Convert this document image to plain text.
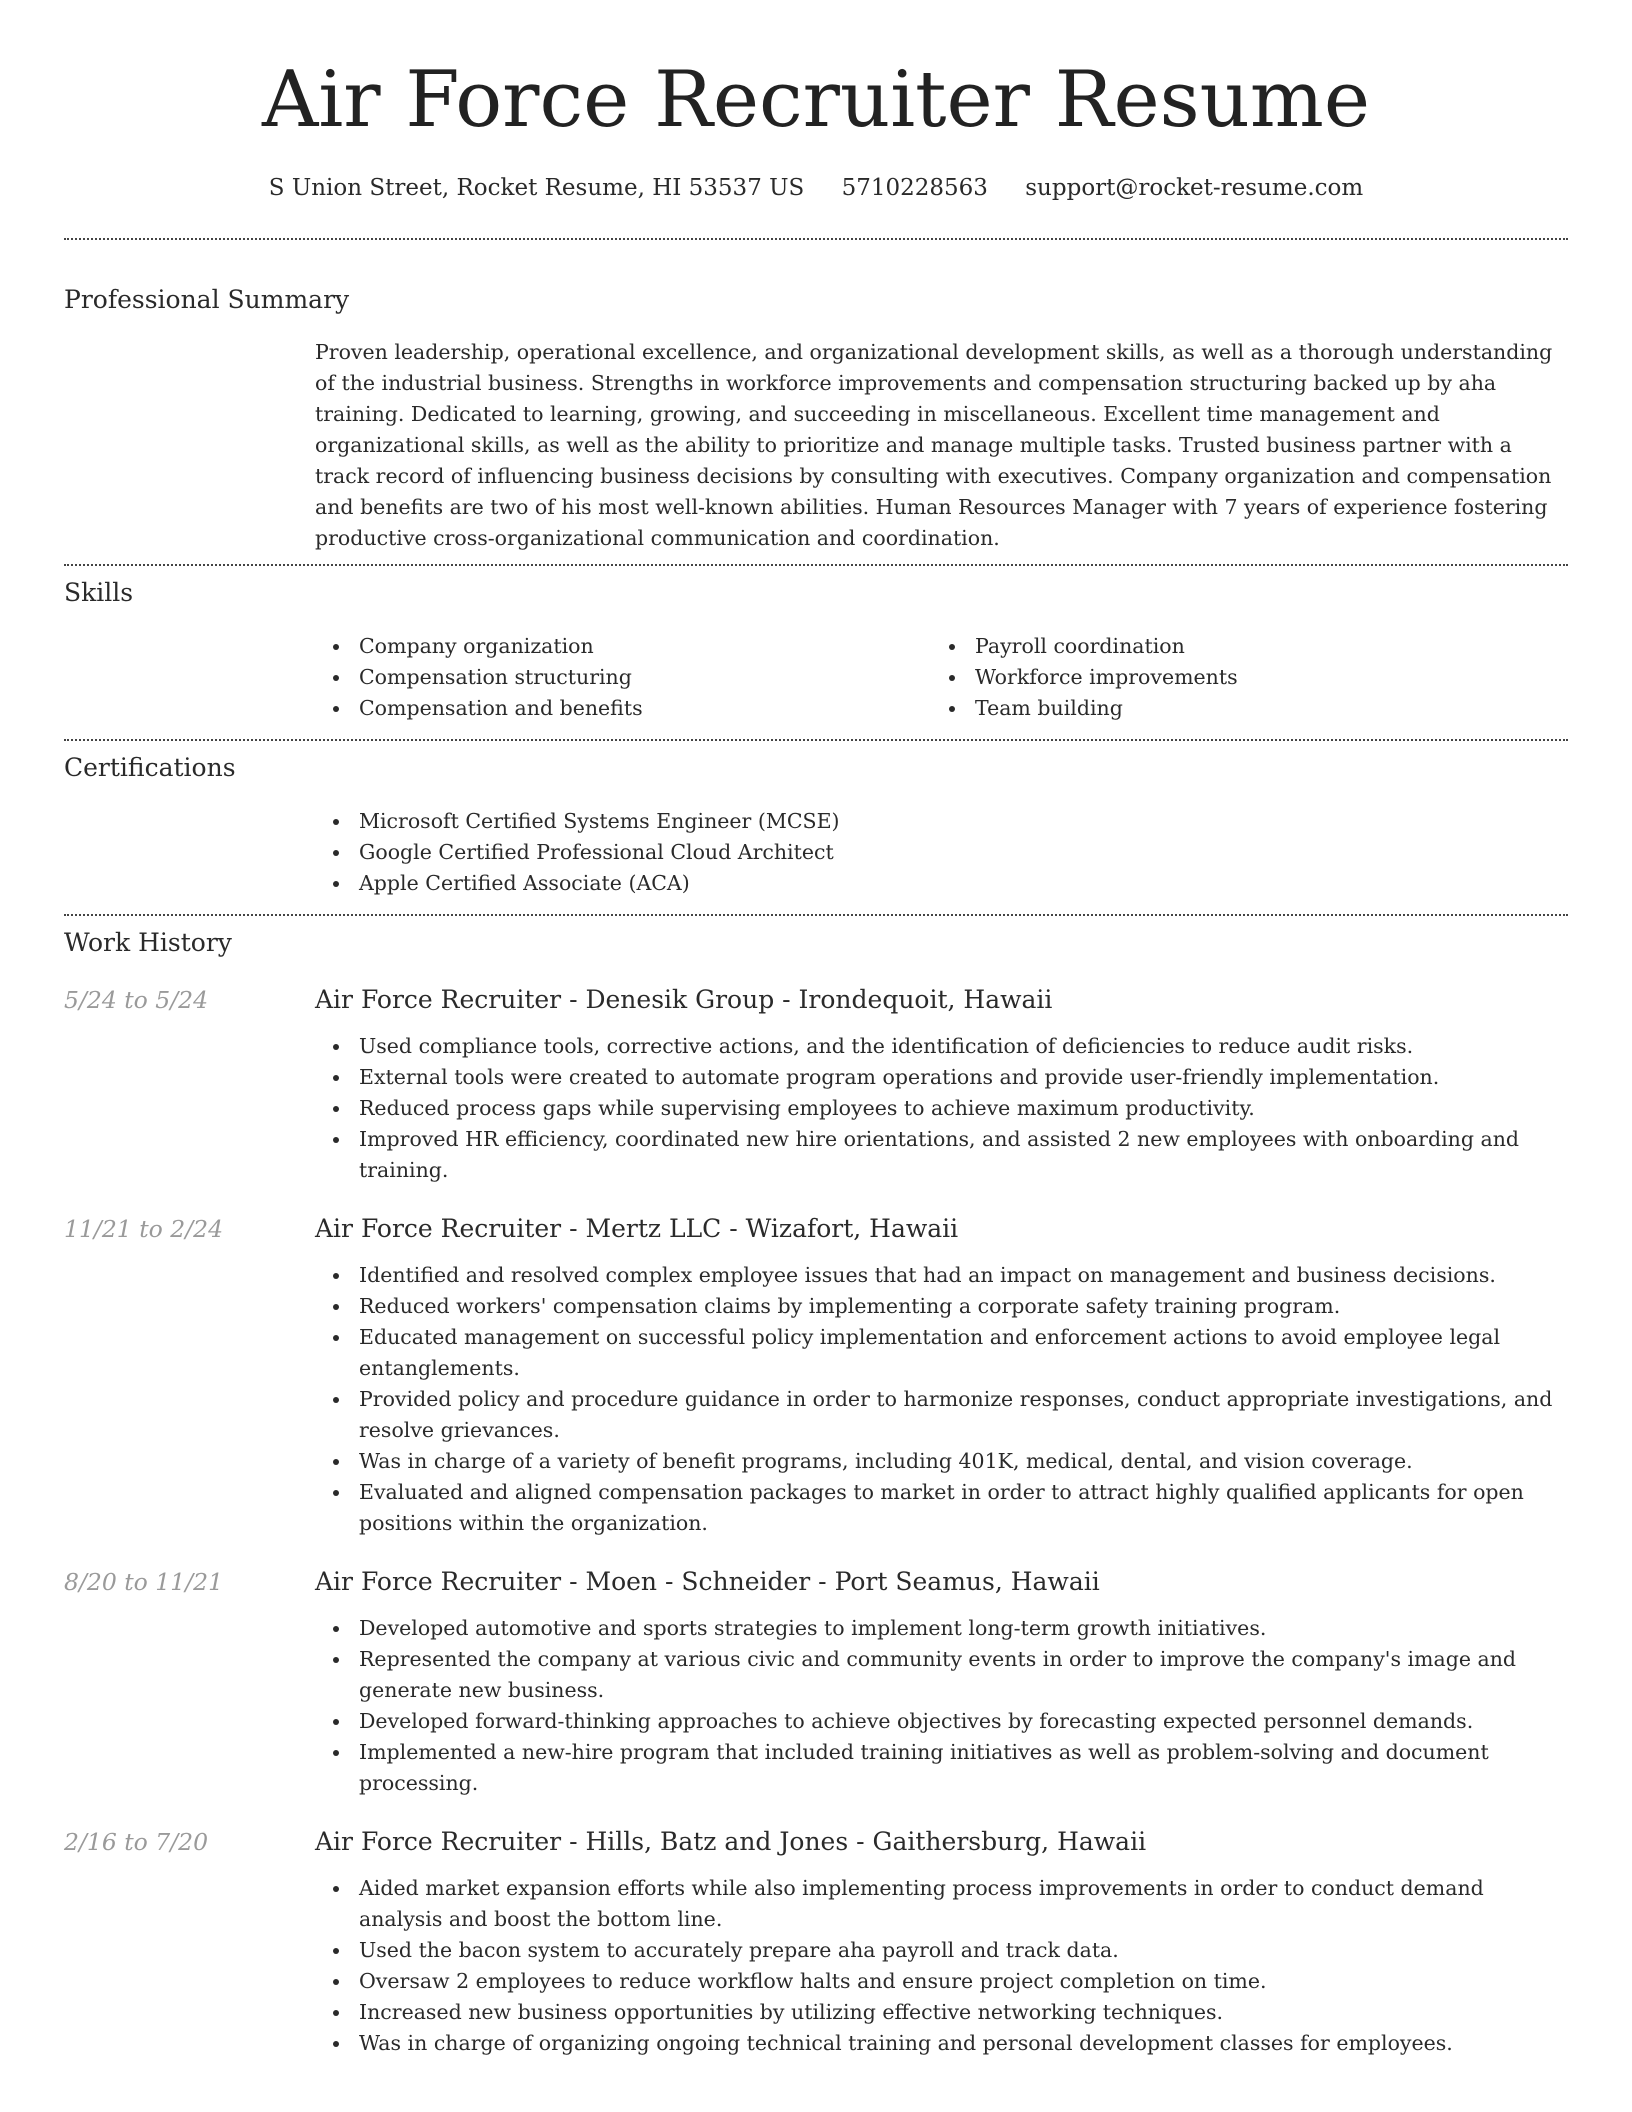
Air Force Recruiter Resume
S Union Street, Rocket Resume, HI 53537 US 5710228563 support@rocket-resume.com
Professional Summary

Proven leadership, operational excellence, and organizational development skills, as well as a thorough understanding of the industrial business. Strengths in workforce improvements and compensation structuring backed up by aha training. Dedicated to learning, growing, and succeeding in miscellaneous. Excellent time management and organizational skills, as well as the ability to prioritize and manage multiple tasks. Trusted business partner with a track record of influencing business decisions by consulting with executives. Company organization and compensation and benefits are two of his most well-known abilities. Human Resources Manager with 7 years of experience fostering productive cross-organizational communication and coordination.

Skills
Company organization
Compensation structuring
Compensation and benefits
Payroll coordination
Workforce improvements
Team building
Certifications
Microsoft Certified Systems Engineer (MCSE)
Google Certified Professional Cloud Architect
Apple Certified Associate (ACA)
Work History
5/24 to 5/24	Air Force Recruiter - Denesik Group - Irondequoit, Hawaii
Used compliance tools, corrective actions, and the identification of deficiencies to reduce audit risks.
External tools were created to automate program operations and provide user-friendly implementation.
Reduced process gaps while supervising employees to achieve maximum productivity.
Improved HR efficiency, coordinated new hire orientations, and assisted 2 new employees with onboarding and training.
11/21 to 2/24	Air Force Recruiter - Mertz LLC - Wizafort, Hawaii
Identified and resolved complex employee issues that had an impact on management and business decisions.
Reduced workers' compensation claims by implementing a corporate safety training program.
Educated management on successful policy implementation and enforcement actions to avoid employee legal entanglements.
Provided policy and procedure guidance in order to harmonize responses, conduct appropriate investigations, and resolve grievances.
Was in charge of a variety of benefit programs, including 401K, medical, dental, and vision coverage.
Evaluated and aligned compensation packages to market in order to attract highly qualified applicants for open positions within the organization.
8/20 to 11/21	Air Force Recruiter - Moen - Schneider - Port Seamus, Hawaii
Developed automotive and sports strategies to implement long-term growth initiatives.
Represented the company at various civic and community events in order to improve the company's image and generate new business.
Developed forward-thinking approaches to achieve objectives by forecasting expected personnel demands.
Implemented a new-hire program that included training initiatives as well as problem-solving and document processing.
2/16 to 7/20	Air Force Recruiter - Hills, Batz and Jones - Gaithersburg, Hawaii
Aided market expansion efforts while also implementing process improvements in order to conduct demand analysis and boost the bottom line.
Used the bacon system to accurately prepare aha payroll and track data.
Oversaw 2 employees to reduce workflow halts and ensure project completion on time.
Increased new business opportunities by utilizing effective networking techniques.
Was in charge of organizing ongoing technical training and personal development classes for employees.
